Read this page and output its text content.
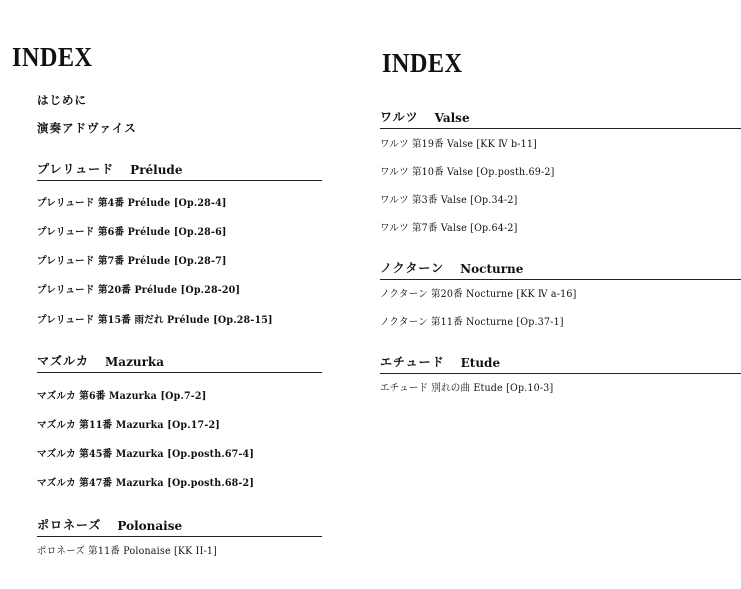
INDEX
はじめに
演奏アドヴァイス
プレリュード Prélude
プレリュード 第4番 Prélude [Op.28-4]
プレリュード 第6番 Prélude [Op.28-6]
プレリュード 第7番 Prélude [Op.28-7]
プレリュード 第20番 Prélude [Op.28-20]
プレリュード 第15番 雨だれ Prélude [Op.28-15]
マズルカ Mazurka
マズルカ 第6番 Mazurka [Op.7-2]
マズルカ 第11番 Mazurka [Op.17-2]
マズルカ 第45番 Mazurka [Op.posth.67-4]
マズルカ 第47番 Mazurka [Op.posth.68-2]
ポロネーズ Polonaise
ポロネーズ 第11番 Polonaise [KK II-1]
INDEX
ワルツ Valse
ワルツ 第19番 Valse [KK Ⅳ b-11]
ワルツ 第10番 Valse [Op.posth.69-2]
ワルツ 第3番 Valse [Op.34-2]
ワルツ 第7番 Valse [Op.64-2]
ノクターン Nocturne
ノクターン 第20番 Nocturne [KK Ⅳ a-16]
ノクターン 第11番 Nocturne [Op.37-1]
エチュード Etude
エチュード 別れの曲 Etude [Op.10-3]
